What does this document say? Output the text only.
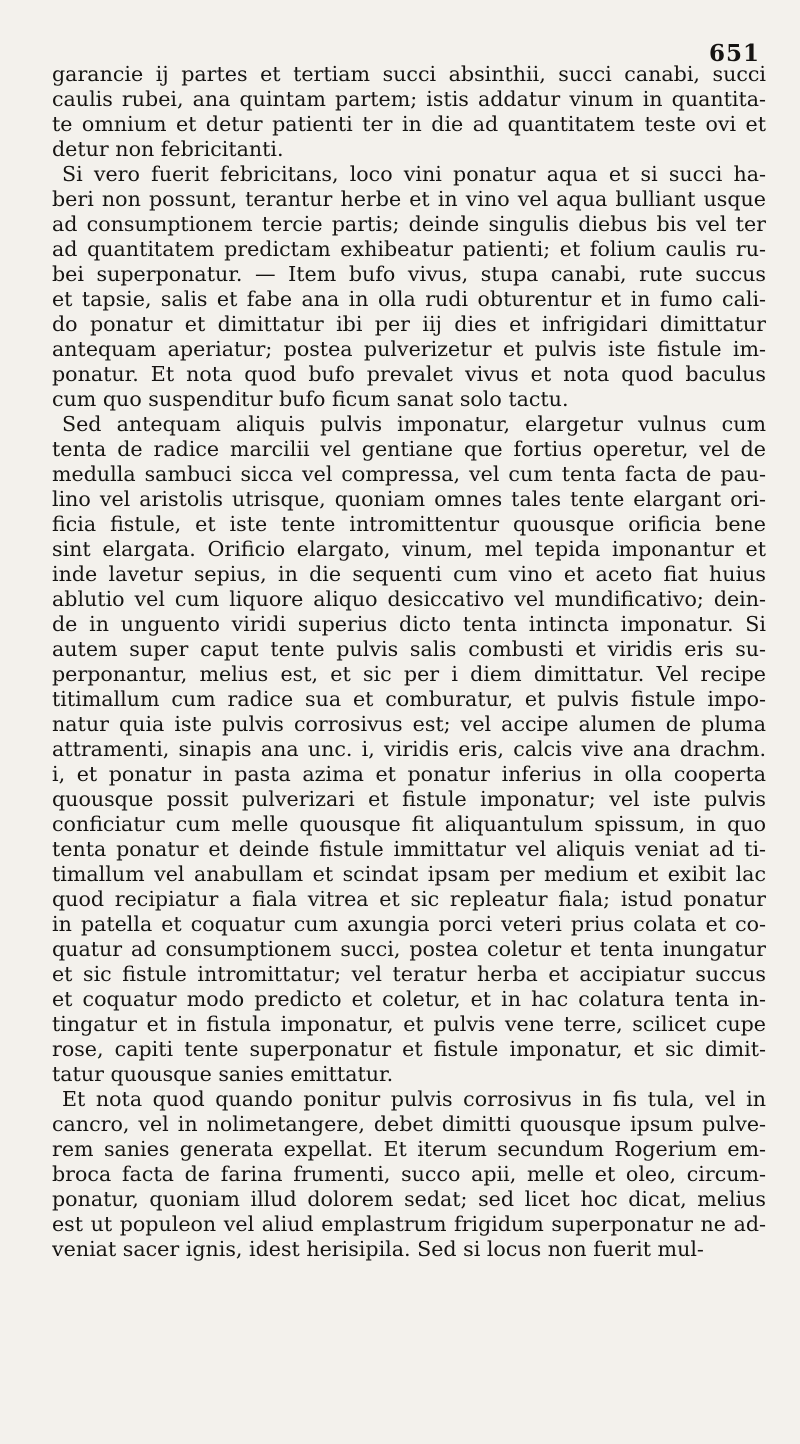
651

garancie ij partes et tertiam succi absinthii, succi canabi, succi
caulis rubei, ana quintam partem; istis addatur vinum in quantita-
te omnium et detur patienti ter in die ad quantitatem teste ovi et
detur non febricitanti.

Si vero fuerit febricitans, loco vini ponatur aqua et si succi ha-
beri non possunt, terantur herbe et in vino vel aqua bulliant usque
ad consumptionem tercie partis; deinde singulis diebus bis vel ter
ad quantitatem predictam exhibeatur patienti; et folium caulis ru-
bei superponatur. — Item bufo vivus, stupa canabi, rute succus
et tapsie, salis et fabe ana in olla rudi obturentur et in fumo cali-
do ponatur et dimittatur ibi per iij dies et infrigidari dimittatur
antequam aperiatur; postea pulverizetur et pulvis iste fistule im-
ponatur. Et nota quod bufo prevalet vivus et nota quod baculus
cum quo suspenditur bufo ficum sanat solo tactu.

Sed antequam aliquis pulvis imponatur, elargetur vulnus cum
tenta de radice marcilii vel gentiane que fortius operetur, vel de
medulla sambuci sicca vel compressa, vel cum tenta facta de pau-
lino vel aristolis utrisque, quoniam omnes tales tente elargant ori-
ficia fistule, et iste tente intromittentur quousque orificia bene
sint elargata. Orificio elargato, vinum, mel tepida imponantur et
inde lavetur sepius, in die sequenti cum vino et aceto fiat huius
ablutio vel cum liquore aliquo desiccativo vel mundificativo; dein-
de in unguento viridi superius dicto tenta intincta imponatur. Si
autem super caput tente pulvis salis combusti et viridis eris su-
perponantur, melius est, et sic per i diem dimittatur. Vel recipe
titimallum cum radice sua et comburatur, et pulvis fistule impo-
natur quia iste pulvis corrosivus est; vel accipe alumen de pluma
attramenti, sinapis ana unc. i, viridis eris, calcis vive ana drachm.
i, et ponatur in pasta azima et ponatur inferius in olla cooperta
quousque possit pulverizari et fistule imponatur; vel iste pulvis
conficiatur cum melle quousque fit aliquantulum spissum, in quo
tenta ponatur et deinde fistule immittatur vel aliquis veniat ad ti-
timallum vel anabullam et scindat ipsam per medium et exibit lac
quod recipiatur a fiala vitrea et sic repleatur fiala; istud ponatur
in patella et coquatur cum axungia porci veteri prius colata et co-
quatur ad consumptionem succi, postea coletur et tenta inungatur
et sic fistule intromittatur; vel teratur herba et accipiatur succus
et coquatur modo predicto et coletur, et in hac colatura tenta in-
tingatur et in fistula imponatur, et pulvis vene terre, scilicet cupe
rose, capiti tente superponatur et fistule imponatur, et sic dimit-
tatur quousque sanies emittatur.

Et nota quod quando ponitur pulvis corrosivus in fis tula, vel in
cancro, vel in nolimetangere, debet dimitti quousque ipsum pulve-
rem sanies generata expellat. Et iterum secundum Rogerium em-
broca facta de farina frumenti, succo apii, melle et oleo, circum-
ponatur, quoniam illud dolorem sedat; sed licet hoc dicat, melius
est ut populeon vel aliud emplastrum frigidum superponatur ne ad-
veniat sacer ignis, idest herisipila. Sed si locus non fuerit mul-
